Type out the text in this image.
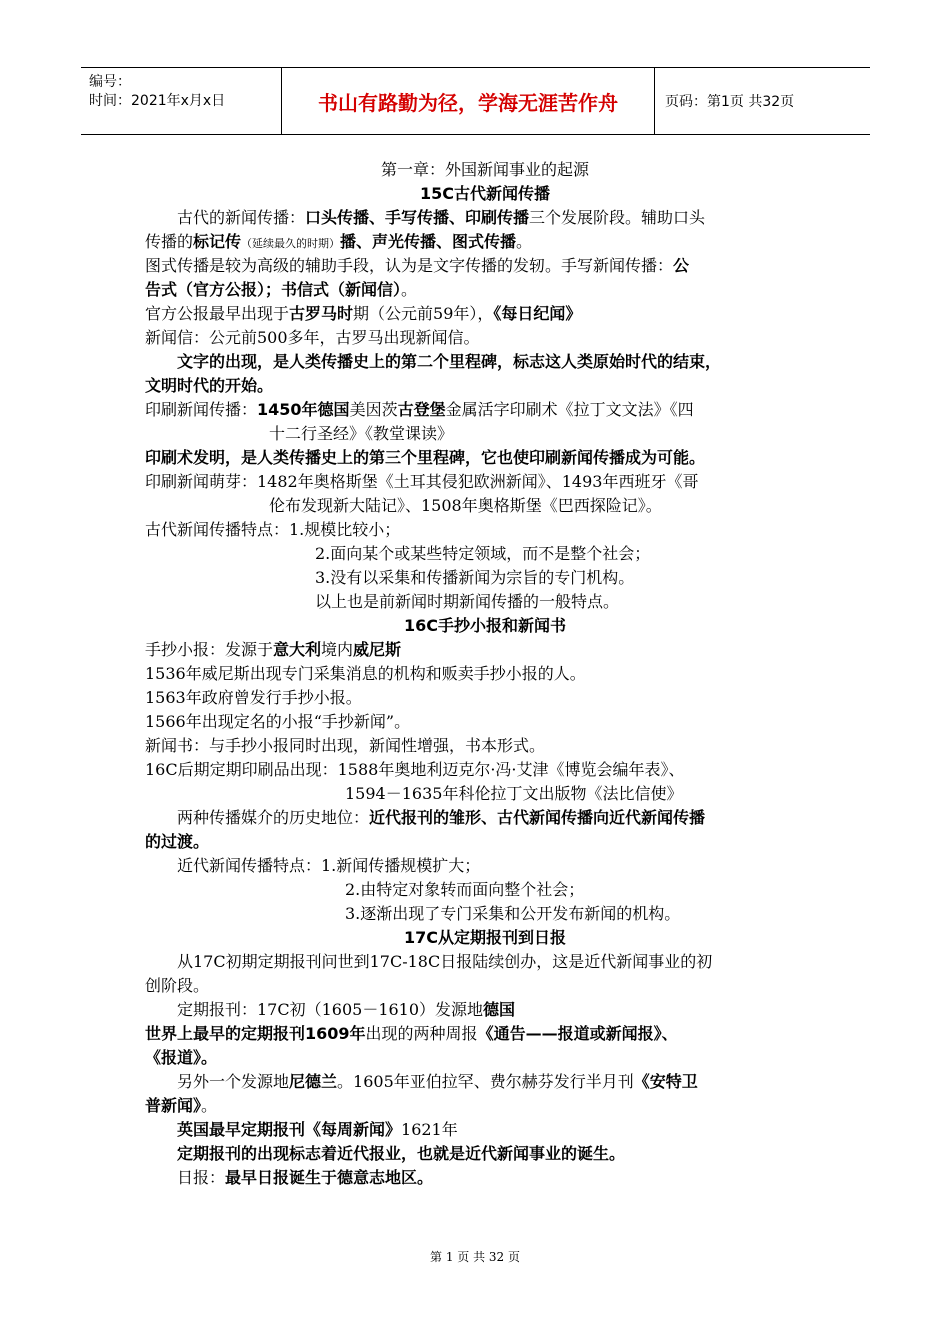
编号：
时间：2021年x月x日	书山有路勤为径，学海无涯苦作舟	页码：第1页 共32页
第一章：外国新闻事业的起源
15C古代新闻传播
古代的新闻传播：口头传播、手写传播、印刷传播三个发展阶段。辅助口头
传播的标记传（延续最久的时期）播、声光传播、图式传播。
图式传播是较为高级的辅助手段，认为是文字传播的发轫。手写新闻传播：公
告式（官方公报）；书信式（新闻信）。
官方公报最早出现于古罗马时期（公元前59年），《每日纪闻》
新闻信：公元前500多年，古罗马出现新闻信。
文字的出现，是人类传播史上的第二个里程碑，标志这人类原始时代的结束，
文明时代的开始。
印刷新闻传播：1450年德国美因茨古登堡金属活字印刷术《拉丁文文法》《四
十二行圣经》《教堂课读》
印刷术发明，是人类传播史上的第三个里程碑，它也使印刷新闻传播成为可能。
印刷新闻萌芽：1482年奥格斯堡《土耳其侵犯欧洲新闻》、1493年西班牙《哥
伦布发现新大陆记》、1508年奥格斯堡《巴西探险记》。
古代新闻传播特点：1.规模比较小；
2.面向某个或某些特定领域，而不是整个社会；
3.没有以采集和传播新闻为宗旨的专门机构。
以上也是前新闻时期新闻传播的一般特点。
16C手抄小报和新闻书
手抄小报：发源于意大利境内威尼斯
1536年威尼斯出现专门采集消息的机构和贩卖手抄小报的人。
1563年政府曾发行手抄小报。
1566年出现定名的小报“手抄新闻”。
新闻书：与手抄小报同时出现，新闻性增强，书本形式。
16C后期定期印刷品出现：1588年奥地利迈克尔·冯·艾津《博览会编年表》、
1594－1635年科伦拉丁文出版物《法比信使》
两种传播媒介的历史地位：近代报刊的雏形、古代新闻传播向近代新闻传播
的过渡。
近代新闻传播特点：1.新闻传播规模扩大；
2.由特定对象转而面向整个社会；
3.逐渐出现了专门采集和公开发布新闻的机构。
17C从定期报刊到日报
从17C初期定期报刊问世到17C-18C日报陆续创办，这是近代新闻事业的初
创阶段。
定期报刊：17C初（1605－1610）发源地德国
世界上最早的定期报刊1609年出现的两种周报《通告——报道或新闻报》、
《报道》。
另外一个发源地尼德兰。1605年亚伯拉罕、费尔赫芬发行半月刊《安特卫
普新闻》。
英国最早定期报刊《每周新闻》1621年
定期报刊的出现标志着近代报业，也就是近代新闻事业的诞生。
日报：最早日报诞生于德意志地区。
第 1 页 共 32 页
